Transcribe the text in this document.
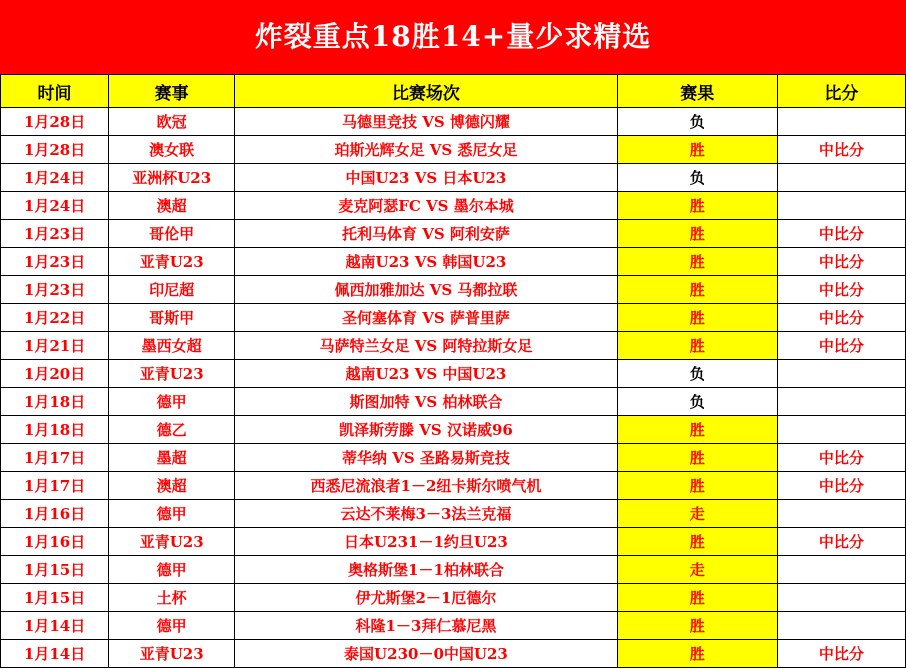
炸裂重点18胜14+量少求精选
时间	赛事	比赛场次	赛果	比分
1月28日	欧冠	马德里竞技 VS 博德闪耀	负	
1月28日	澳女联	珀斯光辉女足 VS 悉尼女足	胜	中比分
1月24日	亚洲杯U23	中国U23 VS 日本U23	负	
1月24日	澳超	麦克阿瑟FC VS 墨尔本城	胜	
1月23日	哥伦甲	托利马体育 VS 阿利安萨	胜	中比分
1月23日	亚青U23	越南U23 VS 韩国U23	胜	中比分
1月23日	印尼超	佩西加雅加达 VS 马都拉联	胜	中比分
1月22日	哥斯甲	圣何塞体育 VS 萨普里萨	胜	中比分
1月21日	墨西女超	马萨特兰女足 VS 阿特拉斯女足	胜	中比分
1月20日	亚青U23	越南U23 VS 中国U23	负	
1月18日	德甲	斯图加特 VS 柏林联合	负	
1月18日	德乙	凯泽斯劳滕 VS 汉诺威96	胜	
1月17日	墨超	蒂华纳 VS 圣路易斯竞技	胜	中比分
1月17日	澳超	西悉尼流浪者1－2纽卡斯尔喷气机	胜	中比分
1月16日	德甲	云达不莱梅3－3法兰克福	走	
1月16日	亚青U23	日本U231－1约旦U23	胜	中比分
1月15日	德甲	奥格斯堡1－1柏林联合	走	
1月15日	土杯	伊尤斯堡2－1厄德尔	胜	
1月14日	德甲	科隆1－3拜仁慕尼黑	胜	
1月14日	亚青U23	泰国U230－0中国U23	胜	中比分
